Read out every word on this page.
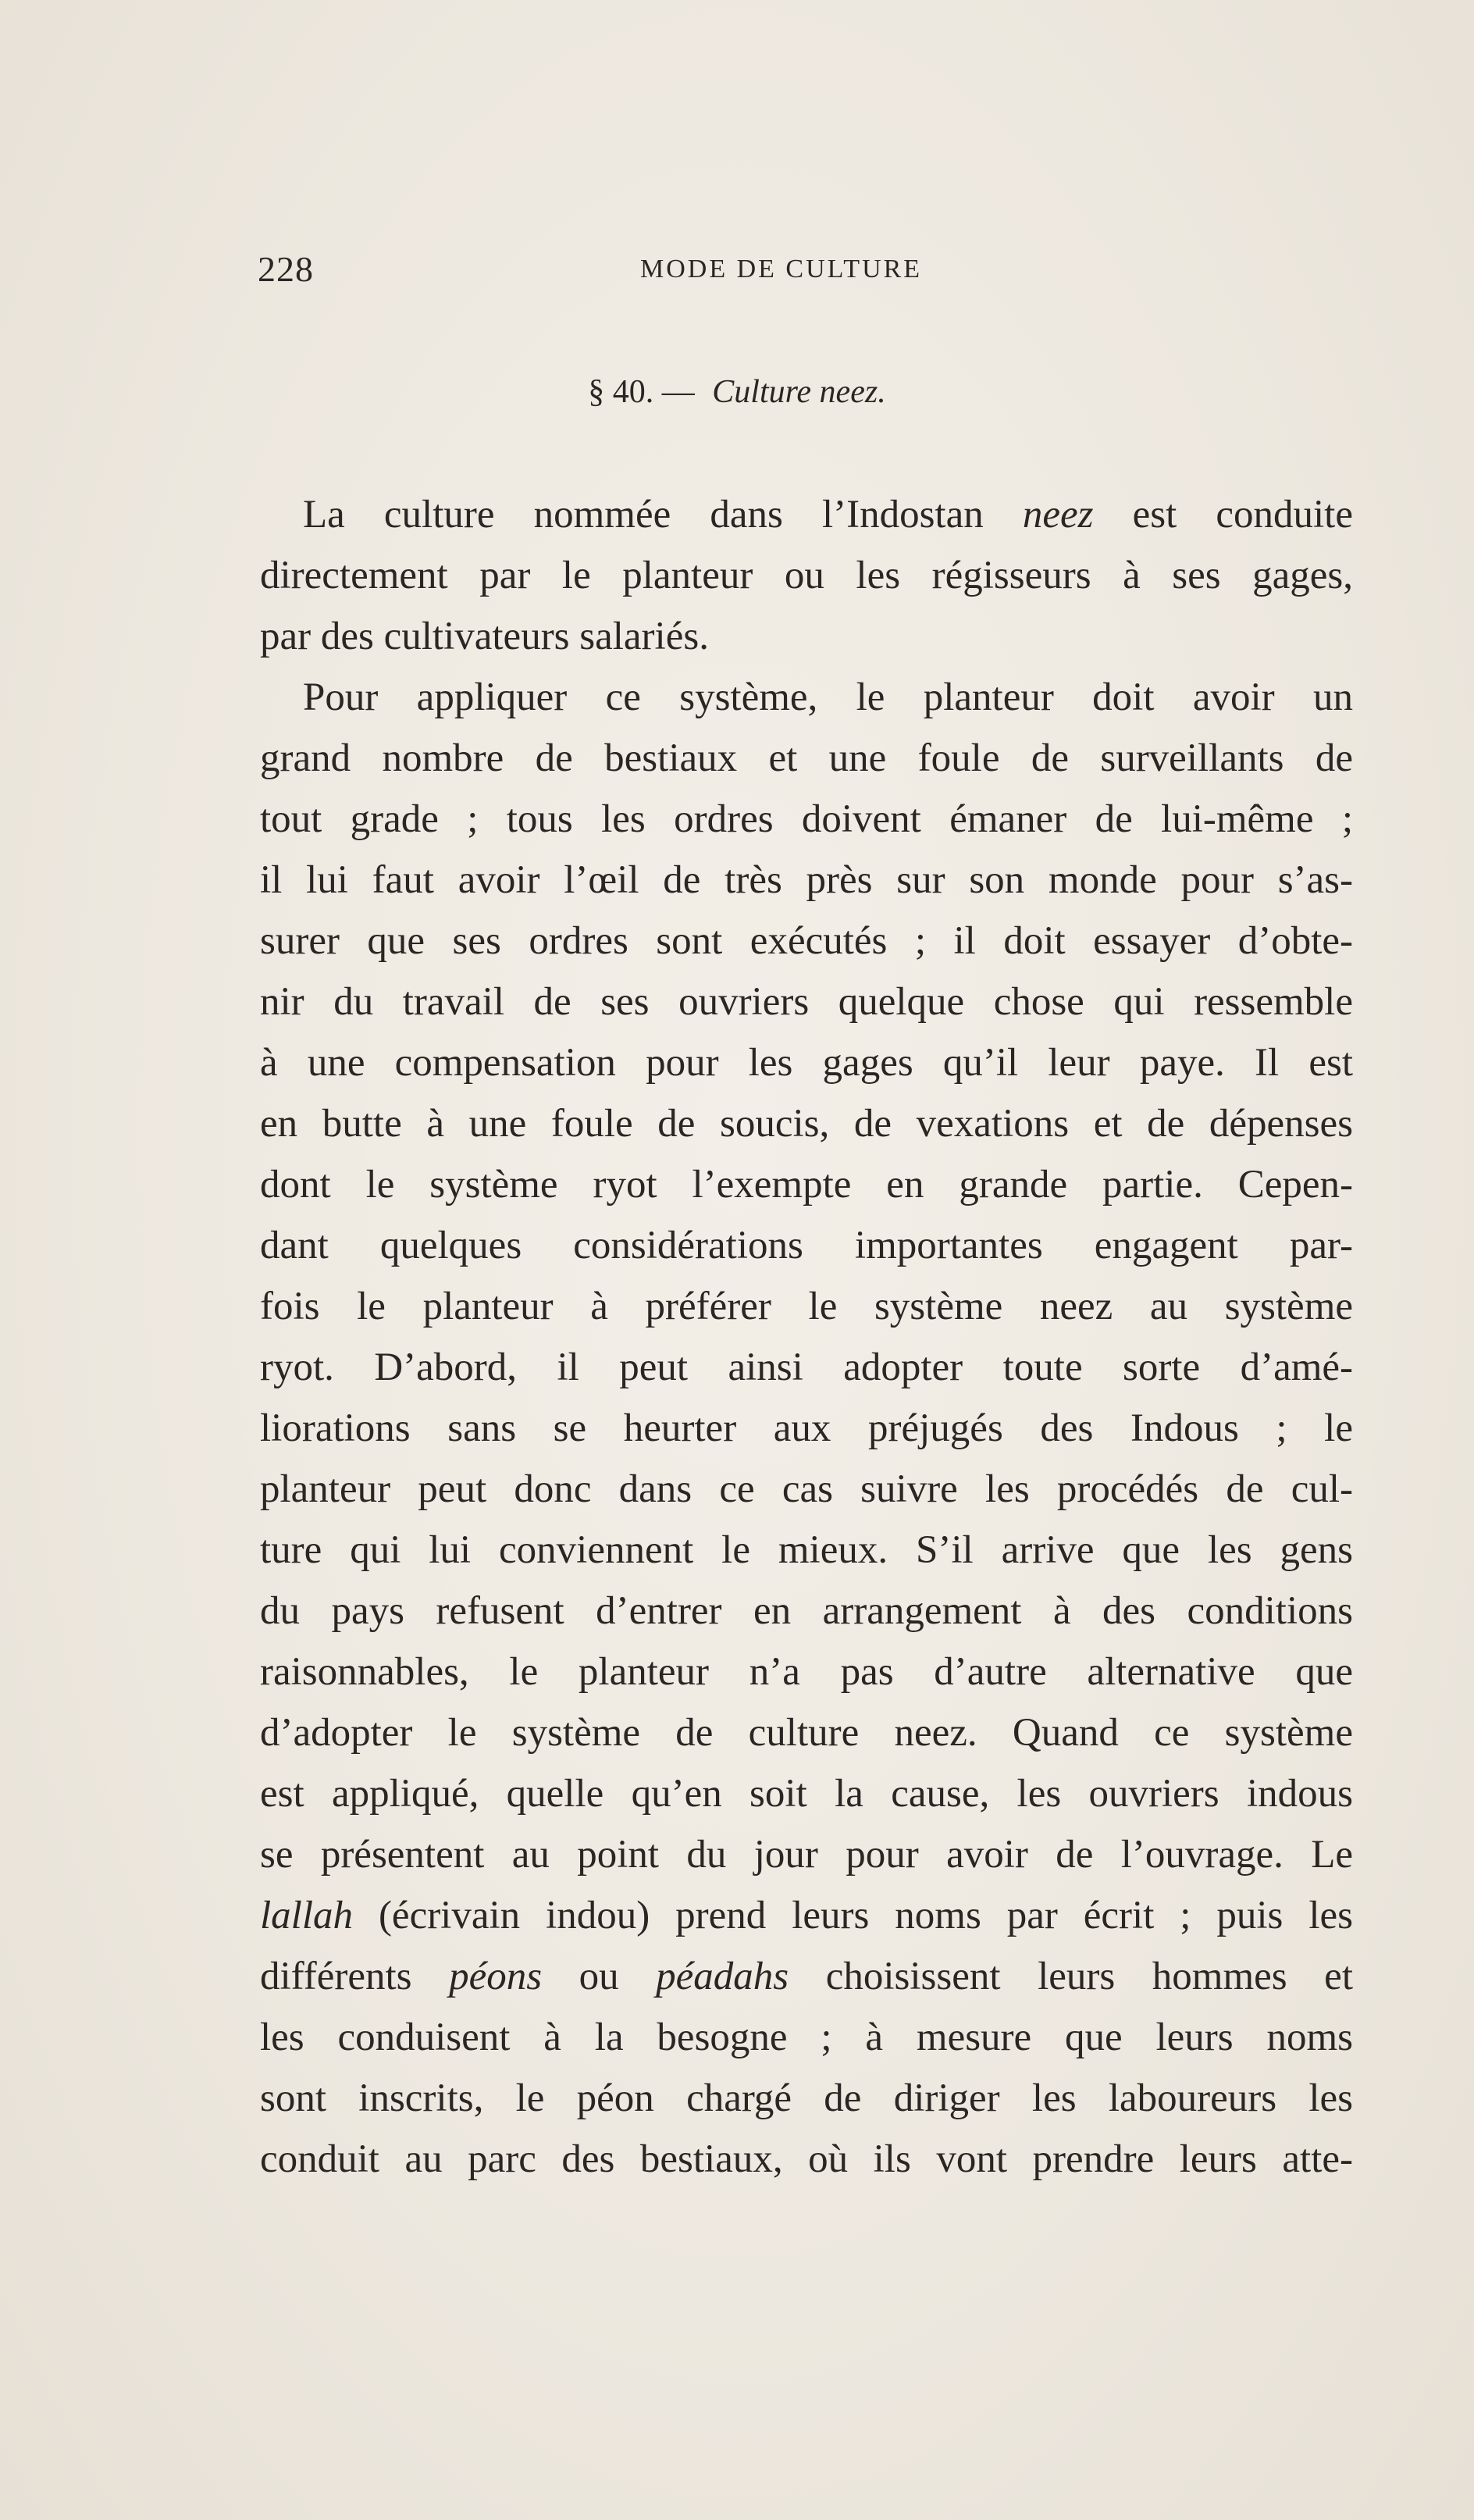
228	MODE DE CULTURE
§ 40. — Culture neez.
La culture nommée dans l’Indostan neez est conduite
directement par le planteur ou les régisseurs à ses gages,
par des cultivateurs salariés.
Pour appliquer ce système, le planteur doit avoir un
grand nombre de bestiaux et une foule de surveillants de
tout grade ; tous les ordres doivent émaner de lui-même ;
il lui faut avoir l’œil de très près sur son monde pour s’as-
surer que ses ordres sont exécutés ; il doit essayer d’obte-
nir du travail de ses ouvriers quelque chose qui ressemble
à une compensation pour les gages qu’il leur paye. Il est
en butte à une foule de soucis, de vexations et de dépenses
dont le système ryot l’exempte en grande partie. Cepen-
dant quelques considérations importantes engagent par-
fois le planteur à préférer le système neez au système
ryot. D’abord, il peut ainsi adopter toute sorte d’amé-
liorations sans se heurter aux préjugés des Indous ; le
planteur peut donc dans ce cas suivre les procédés de cul-
ture qui lui conviennent le mieux. S’il arrive que les gens
du pays refusent d’entrer en arrangement à des conditions
raisonnables, le planteur n’a pas d’autre alternative que
d’adopter le système de culture neez. Quand ce système
est appliqué, quelle qu’en soit la cause, les ouvriers indous
se présentent au point du jour pour avoir de l’ouvrage. Le
lallah (écrivain indou) prend leurs noms par écrit ; puis les
différents péons ou péadahs choisissent leurs hommes et
les conduisent à la besogne ; à mesure que leurs noms
sont inscrits, le péon chargé de diriger les laboureurs les
conduit au parc des bestiaux, où ils vont prendre leurs atte-
